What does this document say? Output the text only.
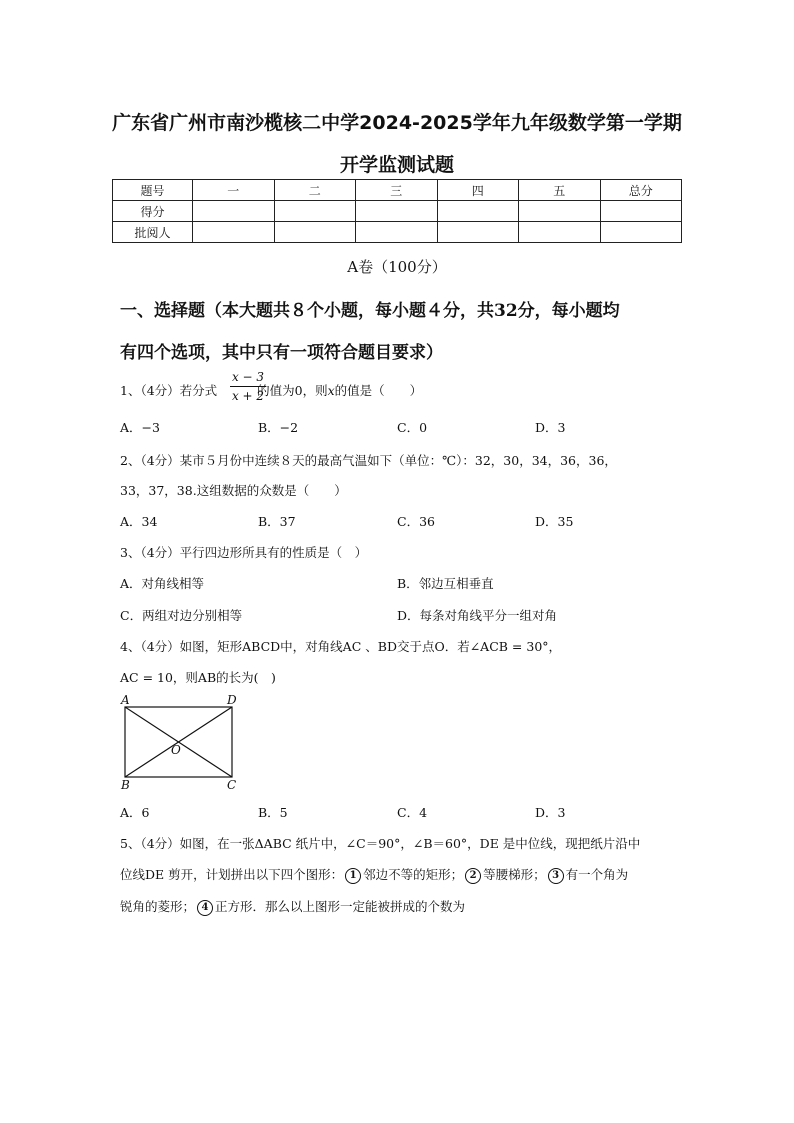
广东省广州市南沙榄核二中学2024-2025学年九年级数学第一学期
开学监测试题
题号	一	二	三	四	五	总分
得分						
批阅人						
A卷（100分）
一、选择题（本大题共８个小题，每小题４分，共32分，每小题均
有四个选项，其中只有一项符合题目要求）
1、（4分）若分式	的值为0，则x的值是（　　）
$\frac{x - 3}{x + 2}$
A．−3	B．−2	C．0	D．3
2、（4分）某市５月份中连续８天的最高气温如下（单位：℃）：32，30，34，36，36，
33，37，38.这组数据的众数是（　　）
A．34	B．37	C．36	D．35
3、（4分）平行四边形所具有的性质是（　）
A．对角线相等	B．邻边互相垂直
C．两组对边分别相等	D．每条对角线平分一组对角
4、（4分）如图，矩形ABCD中，对角线AC 、BD交于点O．若∠ACB = 30°，
AC = 10，则AB的长为(　)
A	D
O
B	C
A．6	B．5	C．4	D．3
5、（4分）如图，在一张ΔABC 纸片中，∠C＝90°，∠B＝60°，DE 是中位线，现把纸片沿中
位线DE 剪开，计划拼出以下四个图形： 1 邻边不等的矩形； 2 等腰梯形； 3 有一个角为
锐角的菱形； 4 正方形．那么以上图形一定能被拼成的个数为
